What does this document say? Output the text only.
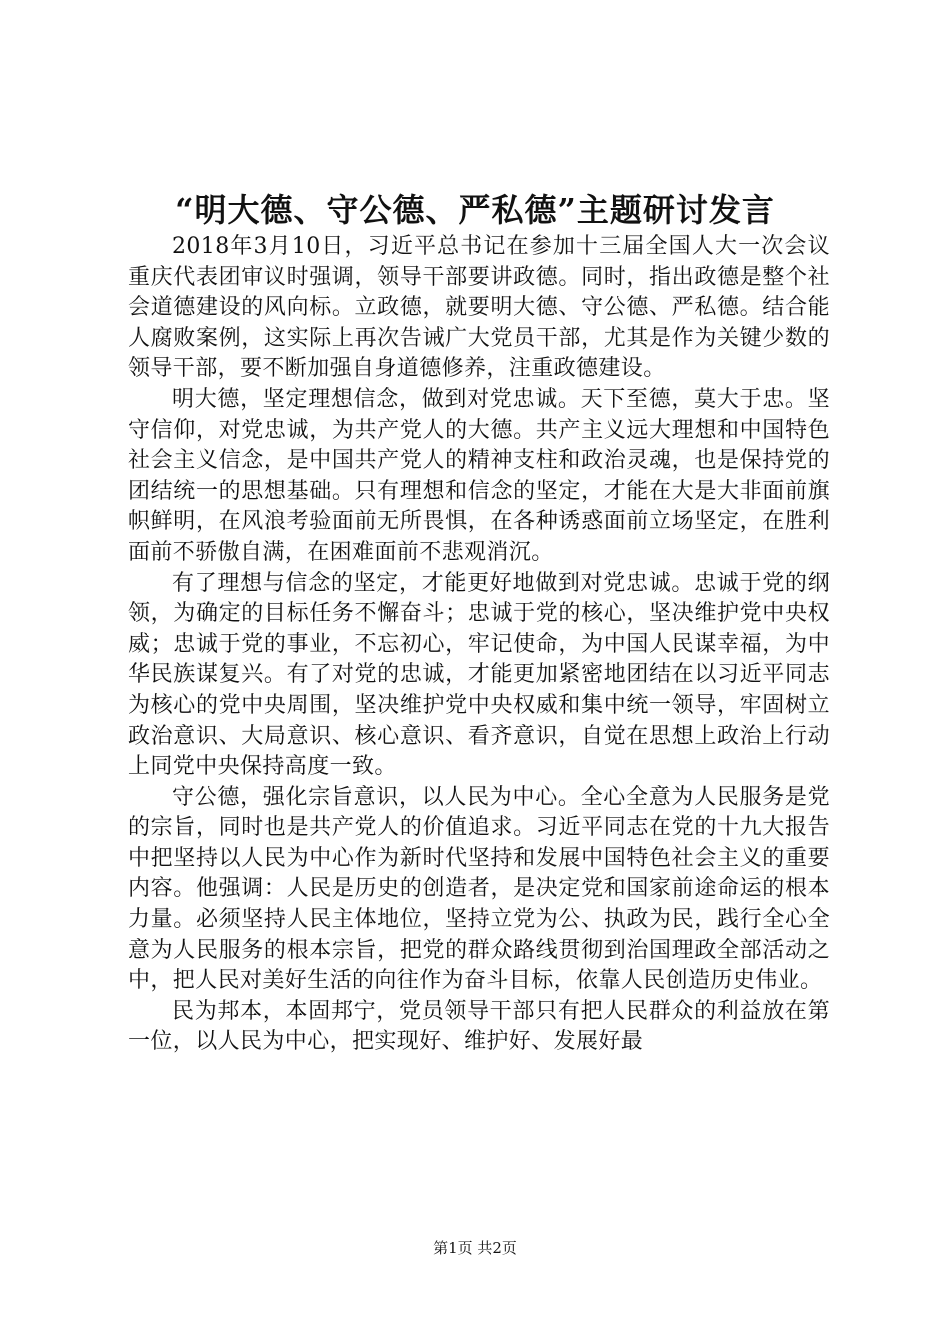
“明大德、守公德、严私德”主题研讨发言

2018年3月10日，习近平总书记在参加十三届全国人大一次会议重庆代表团审议时强调，领导干部要讲政德。同时，指出政德是整个社会道德建设的风向标。立政德，就要明大德、守公德、严私德。结合能人腐败案例，这实际上再次告诫广大党员干部，尤其是作为关键少数的领导干部，要不断加强自身道德修养，注重政德建设。

明大德，坚定理想信念，做到对党忠诚。天下至德，莫大于忠。坚守信仰，对党忠诚，为共产党人的大德。共产主义远大理想和中国特色社会主义信念，是中国共产党人的精神支柱和政治灵魂，也是保持党的团结统一的思想基础。只有理想和信念的坚定，才能在大是大非面前旗帜鲜明，在风浪考验面前无所畏惧，在各种诱惑面前立场坚定，在胜利面前不骄傲自满，在困难面前不悲观消沉。

有了理想与信念的坚定，才能更好地做到对党忠诚。忠诚于党的纲领，为确定的目标任务不懈奋斗；忠诚于党的核心，坚决维护党中央权威；忠诚于党的事业，不忘初心，牢记使命，为中国人民谋幸福，为中华民族谋复兴。有了对党的忠诚，才能更加紧密地团结在以习近平同志为核心的党中央周围，坚决维护党中央权威和集中统一领导，牢固树立政治意识、大局意识、核心意识、看齐意识，自觉在思想上政治上行动上同党中央保持高度一致。

守公德，强化宗旨意识，以人民为中心。全心全意为人民服务是党的宗旨，同时也是共产党人的价值追求。习近平同志在党的十九大报告中把坚持以人民为中心作为新时代坚持和发展中国特色社会主义的重要内容。他强调：人民是历史的创造者，是决定党和国家前途命运的根本力量。必须坚持人民主体地位，坚持立党为公、执政为民，践行全心全意为人民服务的根本宗旨，把党的群众路线贯彻到治国理政全部活动之中，把人民对美好生活的向往作为奋斗目标，依靠人民创造历史伟业。

民为邦本，本固邦宁，党员领导干部只有把人民群众的利益放在第一位，以人民为中心，把实现好、维护好、发展好最

第1页 共2页
